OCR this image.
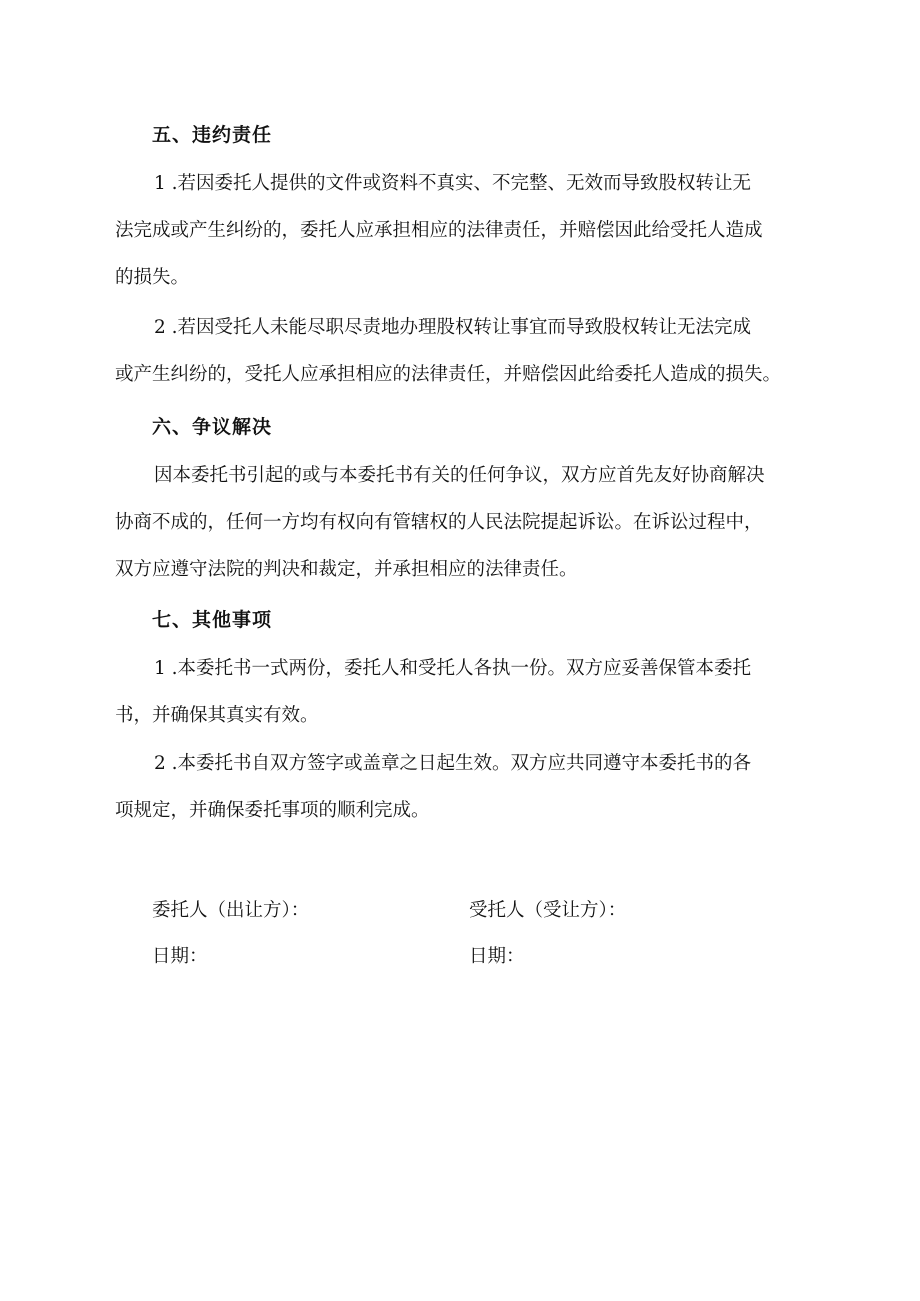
五、违约责任
1 .若因委托人提供的文件或资料不真实、不完整、无效而导致股权转让无
法完成或产生纠纷的，委托人应承担相应的法律责任，并赔偿因此给受托人造成
的损失。
2 .若因受托人未能尽职尽责地办理股权转让事宜而导致股权转让无法完成
或产生纠纷的，受托人应承担相应的法律责任，并赔偿因此给委托人造成的损失。
六、争议解决
因本委托书引起的或与本委托书有关的任何争议，双方应首先友好协商解决
协商不成的，任何一方均有权向有管辖权的人民法院提起诉讼。在诉讼过程中，
双方应遵守法院的判决和裁定，并承担相应的法律责任。
七、其他事项
1 .本委托书一式两份，委托人和受托人各执一份。双方应妥善保管本委托
书，并确保其真实有效。
2 .本委托书自双方签字或盖章之日起生效。双方应共同遵守本委托书的各
项规定，并确保委托事项的顺利完成。
委托人（出让方）：	受托人（受让方）：
日期：	日期：
